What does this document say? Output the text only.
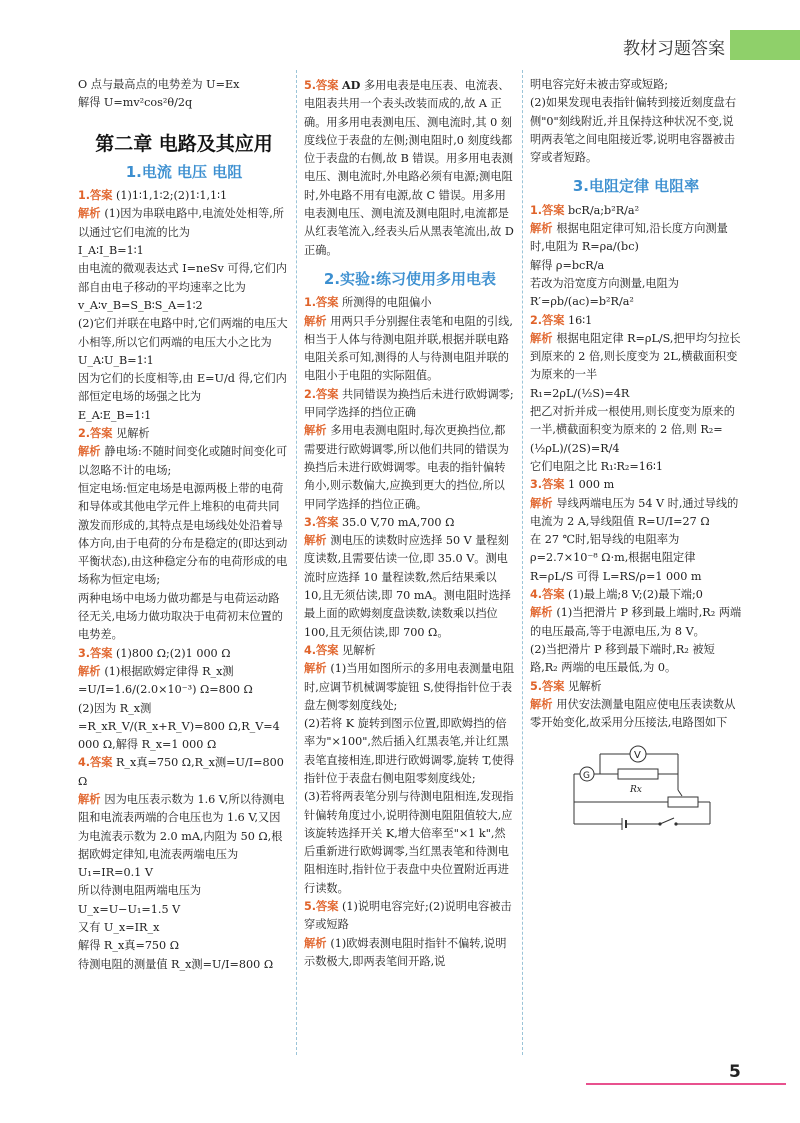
教材习题答案

O 点与最高点的电势差为 U=Ex

解得 U=mv²cos²θ/2q

第二章 电路及其应用
1.电流 电压 电阻

1.答案 (1)1∶1,1∶2;(2)1∶1,1∶1

解析 (1)因为串联电路中,电流处处相等,所以通过它们电流的比为

I_A∶I_B=1∶1

由电流的微观表达式 I=neSv 可得,它们内部自由电子移动的平均速率之比为 v_A∶v_B=S_B∶S_A=1∶2

(2)它们并联在电路中时,它们两端的电压大小相等,所以它们两端的电压大小之比为 U_A∶U_B=1∶1

因为它们的长度相等,由 E=U/d 得,它们内部恒定电场的场强之比为

E_A∶E_B=1∶1

2.答案 见解析

解析 静电场:不随时间变化或随时间变化可以忽略不计的电场;

恒定电场:恒定电场是电源两极上带的电荷和导体或其他电学元件上堆积的电荷共同激发而形成的,其特点是电场线处处沿着导体方向,由于电荷的分布是稳定的(即达到动平衡状态),由这种稳定分布的电荷形成的电场称为恒定电场;

两种电场中电场力做功都是与电荷运动路径无关,电场力做功取决于电荷初末位置的电势差。

3.答案 (1)800 Ω;(2)1 000 Ω

解析 (1)根据欧姆定律得 R_x测=U/I=1.6/(2.0×10⁻³) Ω=800 Ω

(2)因为 R_x测=R_xR_V/(R_x+R_V)=800 Ω,R_V=4 000 Ω,解得 R_x=1 000 Ω

4.答案 R_x真=750 Ω,R_x测=U/I=800 Ω

解析 因为电压表示数为 1.6 V,所以待测电阻和电流表两端的合电压也为 1.6 V,又因为电流表示数为 2.0 mA,内阻为 50 Ω,根据欧姆定律知,电流表两端电压为 U₁=IR=0.1 V

所以待测电阻两端电压为 U_x=U−U₁=1.5 V

又有 U_x=IR_x

解得 R_x真=750 Ω

待测电阻的测量值 R_x测=U/I=800 Ω

5.答案 AD 多用电表是电压表、电流表、电阻表共用一个表头改装而成的,故 A 正确。用多用电表测电压、测电流时,其 0 刻度线位于表盘的左侧;测电阻时,0 刻度线都位于表盘的右侧,故 B 错误。用多用电表测电压、测电流时,外电路必须有电源;测电阻时,外电路不用有电源,故 C 错误。用多用电表测电压、测电流及测电阻时,电流都是从红表笔流入,经表头后从黑表笔流出,故 D 正确。

2.实验:练习使用多用电表

1.答案 所测得的电阻偏小

解析 用两只手分别握住表笔和电阻的引线,相当于人体与待测电阻并联,根据并联电路电阻关系可知,测得的人与待测电阻并联的电阻小于电阻的实际阻值。

2.答案 共同错误为换挡后未进行欧姆调零;甲同学选择的挡位正确

解析 多用电表测电阻时,每次更换挡位,都需要进行欧姆调零,所以他们共同的错误为换挡后未进行欧姆调零。电表的指针偏转角小,则示数偏大,应换到更大的挡位,所以甲同学选择的挡位正确。

3.答案 35.0 V,70 mA,700 Ω

解析 测电压的读数时应选择 50 V 量程刻度读数,且需要估读一位,即 35.0 V。测电流时应选择 10 量程读数,然后结果乘以 10,且无须估读,即 70 mA。测电阻时选择最上面的欧姆刻度盘读数,读数乘以挡位 100,且无须估读,即 700 Ω。

4.答案 见解析

解析 (1)当用如图所示的多用电表测量电阻时,应调节机械调零旋钮 S,使得指针位于表盘左侧零刻度线处;

(2)若将 K 旋转到图示位置,即欧姆挡的倍率为"×100",然后插入红黑表笔,并让红黑表笔直接相连,即进行欧姆调零,旋转 T,使得指针位于表盘右侧电阻零刻度线处;

(3)若将两表笔分别与待测电阻相连,发现指针偏转角度过小,说明待测电阻阻值较大,应该旋转选择开关 K,增大倍率至"×1 k",然后重新进行欧姆调零,当红黑表笔和待测电阻相连时,指针位于表盘中央位置附近再进行读数。

5.答案 (1)说明电容完好;(2)说明电容被击穿或短路

解析 (1)欧姆表测电阻时指针不偏转,说明示数极大,即两表笔间开路,说

明电容完好未被击穿或短路;

(2)如果发现电表指针偏转到接近刻度盘右侧"0"刻线附近,并且保持这种状况不变,说明两表笔之间电阻接近零,说明电容器被击穿或者短路。

3.电阻定律 电阻率

1.答案 bcR/a;b²R/a²

解析 根据电阻定律可知,沿长度方向测量时,电阻为 R=ρa/(bc)

解得 ρ=bcR/a

若改为沿宽度方向测量,电阻为 R′=ρb/(ac)=b²R/a²

2.答案 16∶1

解析 根据电阻定律 R=ρL/S,把甲均匀拉长到原来的 2 倍,则长度变为 2L,横截面积变为原来的一半

R₁=2ρL/(½S)=4R

把乙对折并成一根使用,则长度变为原来的一半,横截面积变为原来的 2 倍,则 R₂=(½ρL)/(2S)=R/4

它们电阻之比 R₁∶R₂=16∶1

3.答案 1 000 m

解析 导线两端电压为 54 V 时,通过导线的电流为 2 A,导线阻值 R=U/I=27 Ω

在 27 ℃时,铝导线的电阻率为 ρ=2.7×10⁻⁸ Ω·m,根据电阻定律 R=ρL/S 可得 L=RS/ρ=1 000 m

4.答案 (1)最上端;8 V;(2)最下端;0

解析 (1)当把滑片 P 移到最上端时,R₂ 两端的电压最高,等于电源电压,为 8 V。

(2)当把滑片 P 移到最下端时,R₂ 被短路,R₂ 两端的电压最低,为 0。

5.答案 见解析

解析 用伏安法测量电阻应使电压表读数从零开始变化,故采用分压接法,电路图如下

V
G
Rx
5
